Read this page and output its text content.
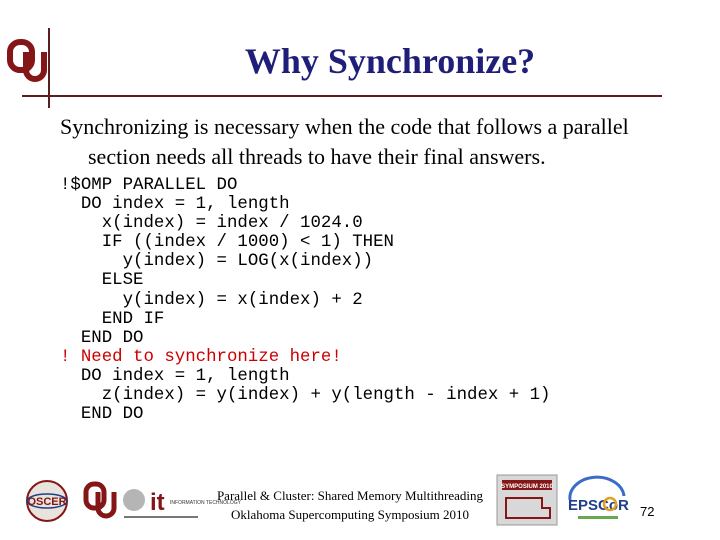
Why Synchronize?
Synchronizing is necessary when the code that follows a parallel
section needs all threads to have their final answers.
!$OMP PARALLEL DO
DO index = 1, length
x(index) = index / 1024.0
IF ((index / 1000) < 1) THEN
y(index) = LOG(x(index))
ELSE
y(index) = x(index) + 2
END IF
END DO
! Need to synchronize here!
DO index = 1, length
z(index) = y(index) + y(length - index + 1)
END DO
OSCER	it INFORMATION TECHNOLOGY
Parallel & Cluster: Shared Memory Multithreading
Oklahoma Supercomputing Symposium 2010
SYMPOSIUM 2010
EPSCoR 72
